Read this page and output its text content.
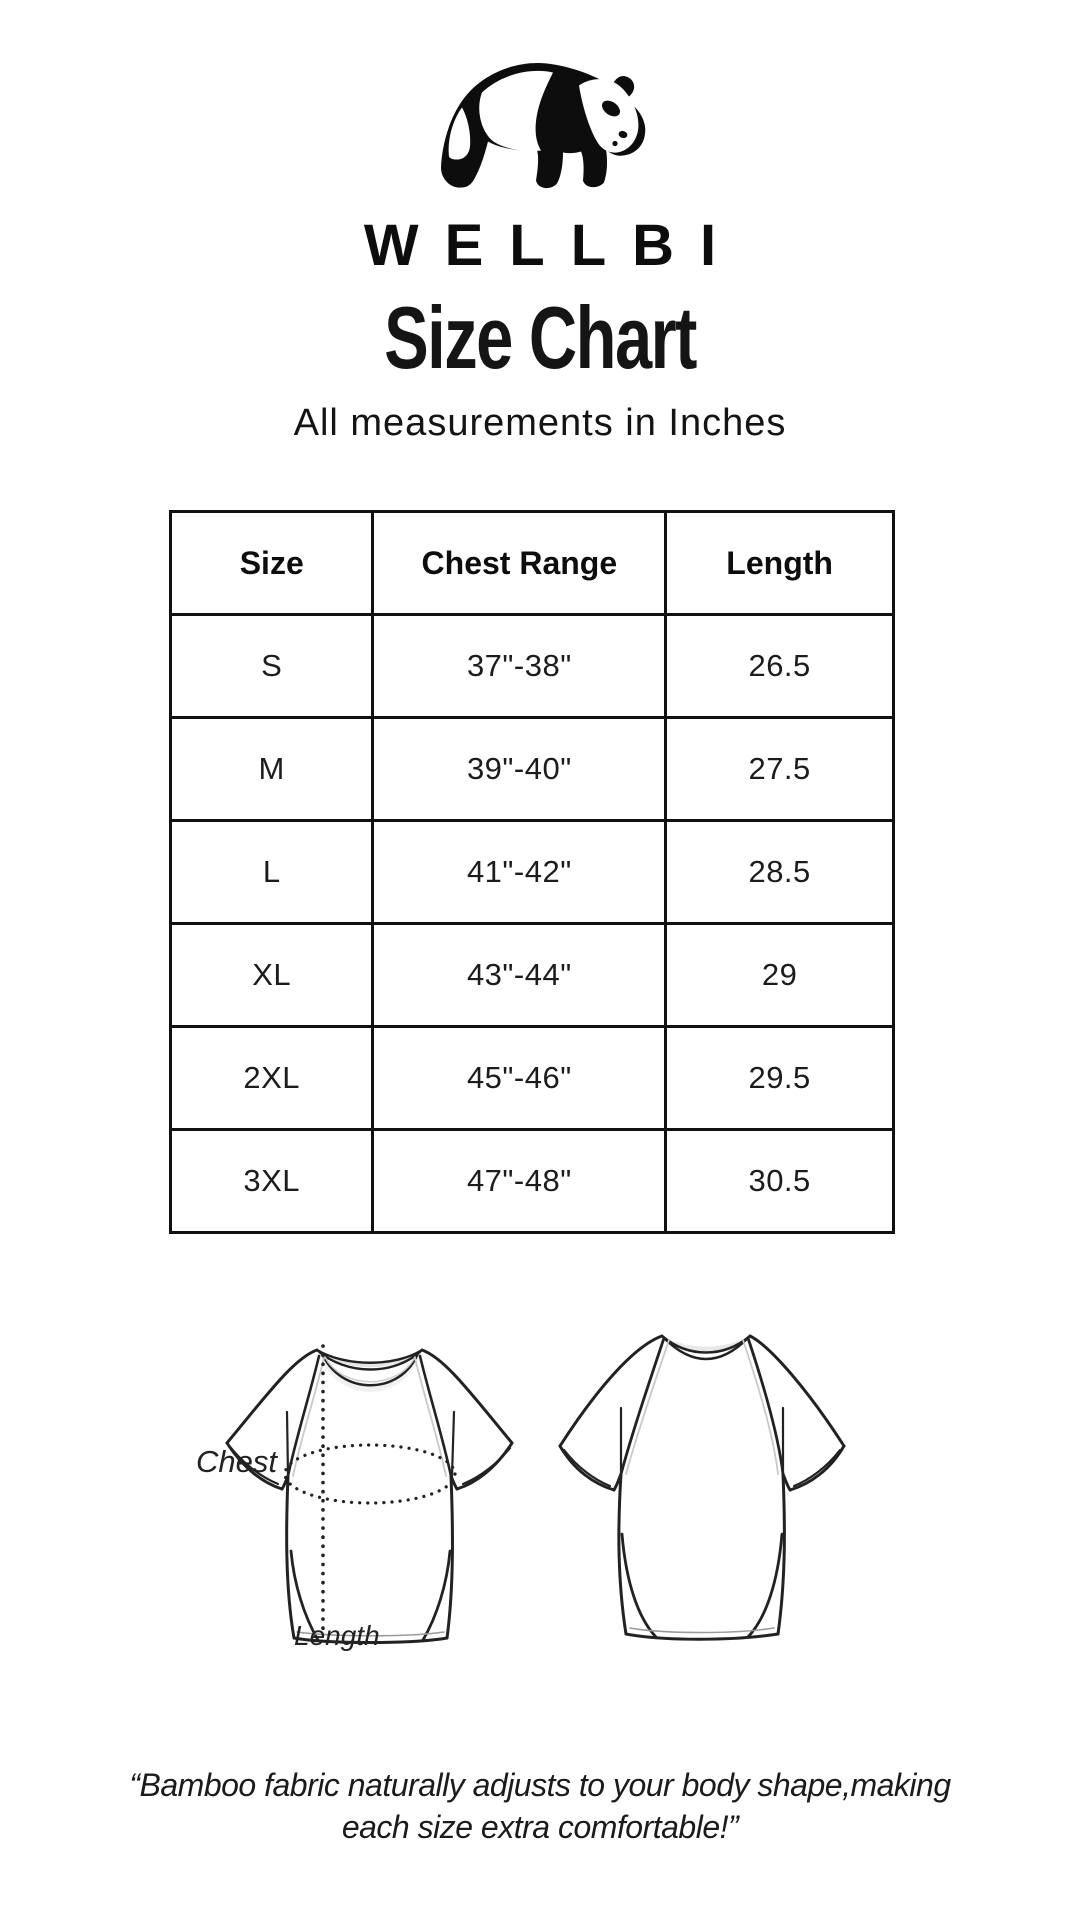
WELLBI
Size Chart
All measurements in Inches
Size	Chest Range	Length
S	37"-38"	26.5
M	39"-40"	27.5
L	41"-42"	28.5
XL	43"-44"	29
2XL	45"-46"	29.5
3XL	47"-48"	30.5
Chest
Length
“Bamboo fabric naturally adjusts to your body shape,making
each size extra comfortable!”
